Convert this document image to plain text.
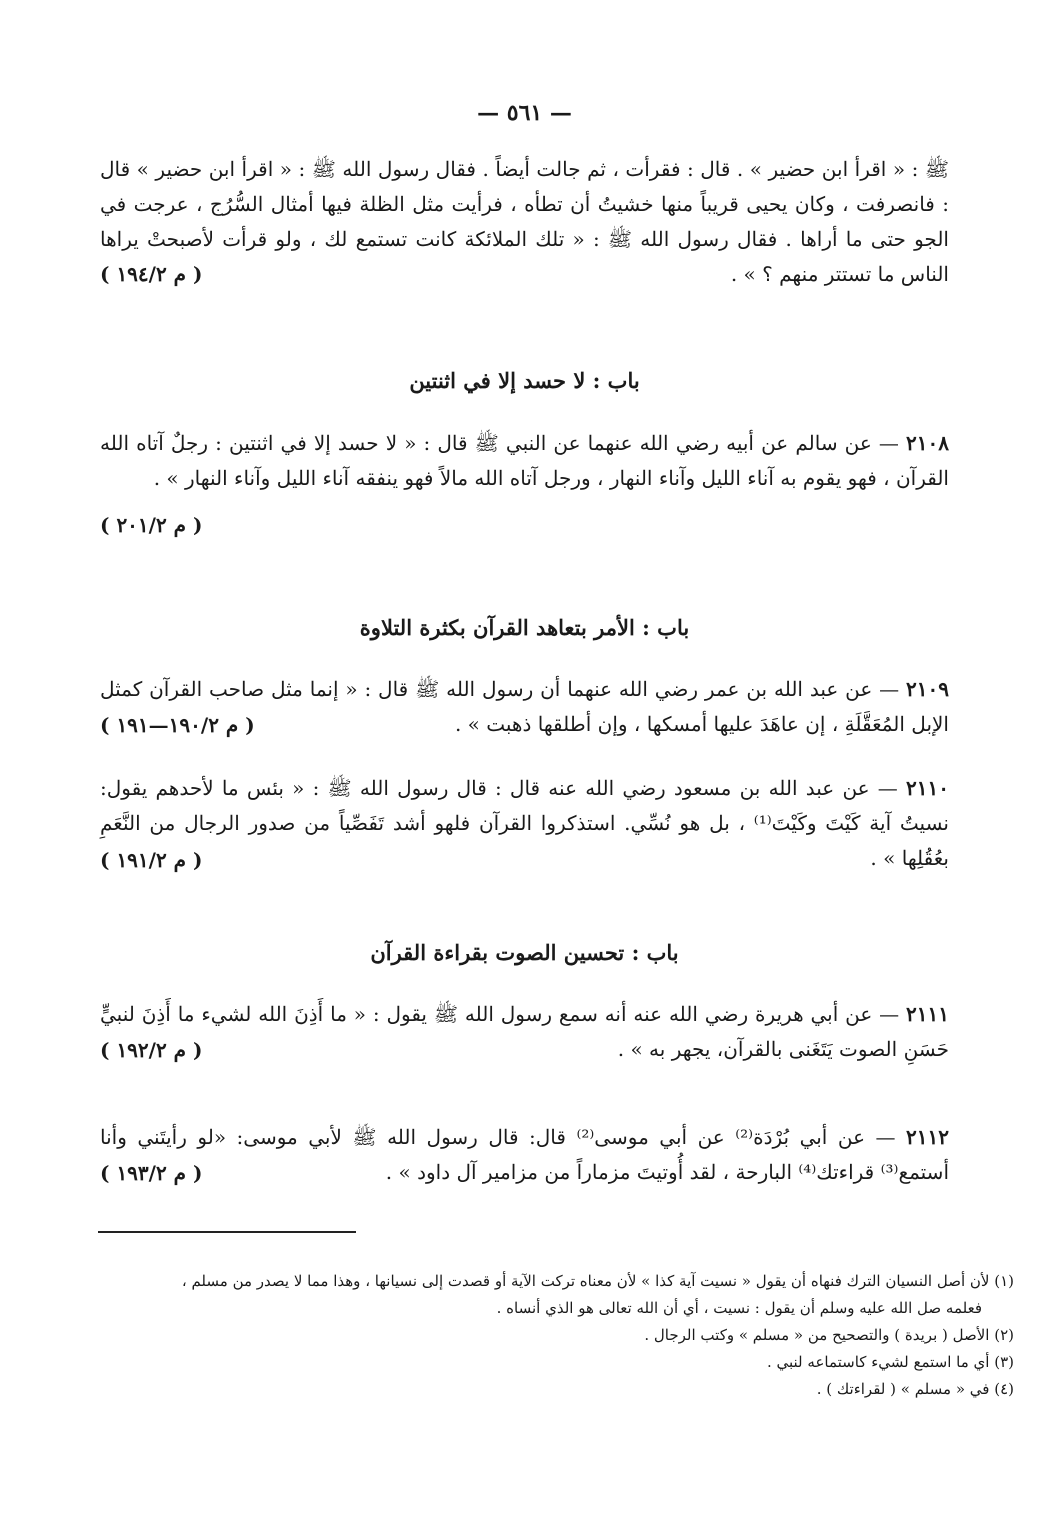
— ٥٦١ —

ﷺ : « اقرأ ابن حضير » . قال : فقرأت ، ثم جالت أيضاً . فقال رسول الله ﷺ : « اقرأ ابن حضير » قال : فانصرفت ، وكان يحيى قريباً منها خشيتُ أن تطأه ، فرأيت مثل الظلة فيها أمثال السُّرُج ، عرجت في الجو حتى ما أراها . فقال رسول الله ﷺ : « تلك الملائكة كانت تستمع لك ، ولو قرأت لأصبحتْ يراها الناس ما تستتر منهم ؟ » .

( م ١٩٤/٢ )
باب : لا حسد إلا في اثنتين

٢١٠٨ — عن سالم عن أبيه رضي الله عنهما عن النبي ﷺ قال : « لا حسد إلا في اثنتين : رجلٌ آتاه الله القرآن ، فهو يقوم به آناء الليل وآناء النهار ، ورجل آتاه الله مالاً فهو ينفقه آناء الليل وآناء النهار » .

( م ٢٠١/٢ )
باب : الأمر بتعاهد القرآن بكثرة التلاوة

٢١٠٩ — عن عبد الله بن عمر رضي الله عنهما أن رسول الله ﷺ قال : « إنما مثل صاحب القرآن كمثل الإبل المُعَقَّلَةِ ، إن عاهَدَ عليها أمسكها ، وإن أطلقها ذهبت » .

( م ١٩٠/٢—١٩١ )

٢١١٠ — عن عبد الله بن مسعود رضي الله عنه قال : قال رسول الله ﷺ : « بئس ما لأحدهم يقول: نسيتُ آية كَيْتَ وكَيْتَ⁽¹⁾ ، بل هو نُسِّي. استذكروا القرآن فلهو أشد تَفَصِّياً من صدور الرجال من النَّعَمِ بعُقُلِها » .

( م ١٩١/٢ )
باب : تحسين الصوت بقراءة القرآن

٢١١١ — عن أبي هريرة رضي الله عنه أنه سمع رسول الله ﷺ يقول : « ما أَذِنَ الله لشيء ما أَذِنَ لنبيٍّ حَسَنِ الصوت يَتَغَنى بالقرآن، يجهر به » .

( م ١٩٢/٢ )

٢١١٢ — عن أبي بُرْدَة⁽²⁾ عن أبي موسى⁽²⁾ قال: قال رسول الله ﷺ لأبي موسى: «لو رأيتَني وأنا أستمع⁽³⁾ قراءتك⁽⁴⁾ البارحة ، لقد أُوتيتَ مزماراً من مزامير آل داود » .

( م ١٩٣/٢ )

(١) لأن أصل النسيان الترك فنهاه أن يقول « نسيت آية كذا » لأن معناه تركت الآية أو قصدت إلى نسيانها ، وهذا مما لا يصدر من مسلم ،

فعلمه صل الله عليه وسلم أن يقول : نسيت ، أي أن الله تعالى هو الذي أنساه .

(٢) الأصل ( بريدة ) والتصحيح من « مسلم » وكتب الرجال .

(٣) أي ما استمع لشيء كاستماعه لنبي .

(٤) في « مسلم » ( لقراءتك ) .
